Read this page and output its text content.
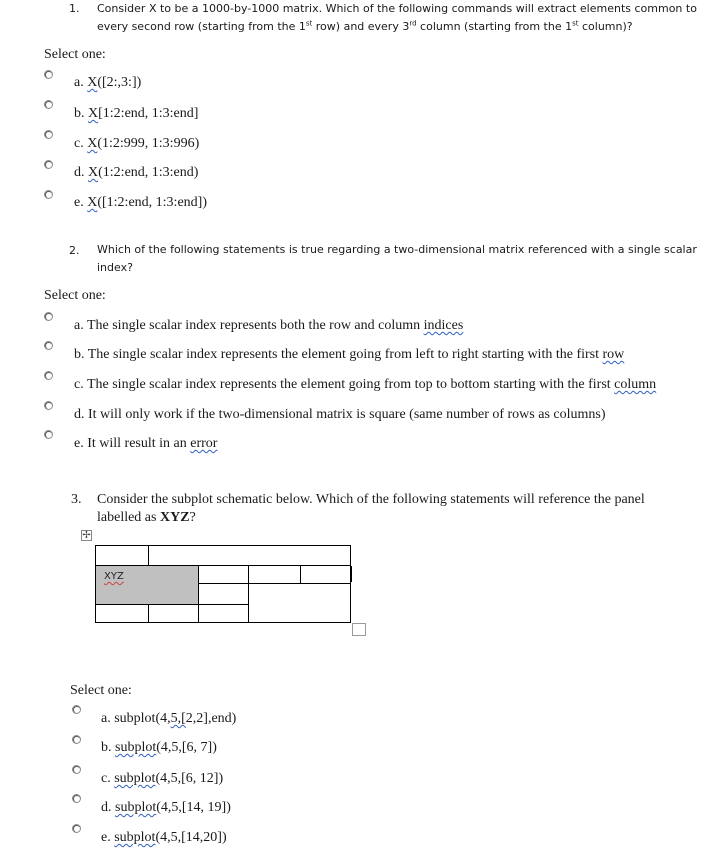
1. Consider X to be a 1000-by-1000 matrix. Which of the following commands will extract elements common to
every second row (starting from the 1st row) and every 3rd column (starting from the 1st column)?
Select one:
a. X([2:,3:])
b. X[1:2:end, 1:3:end]
c. X(1:2:999, 1:3:996)
d. X(1:2:end, 1:3:end)
e. X([1:2:end, 1:3:end])
2. Which of the following statements is true regarding a two-dimensional matrix referenced with a single scalar
index?
Select one:
a. The single scalar index represents both the row and column indices
b. The single scalar index represents the element going from left to right starting with the first row
c. The single scalar index represents the element going from top to bottom starting with the first column
d. It will only work if the two-dimensional matrix is square (same number of rows as columns)
e. It will result in an error
3. Consider the subplot schematic below. Which of the following statements will reference the panel
labelled as XYZ?
✢
XYZ
Select one:
a. subplot(4,5,[2,2],end)
b. subplot(4,5,[6, 7])
c. subplot(4,5,[6, 12])
d. subplot(4,5,[14, 19])
e. subplot(4,5,[14,20])
